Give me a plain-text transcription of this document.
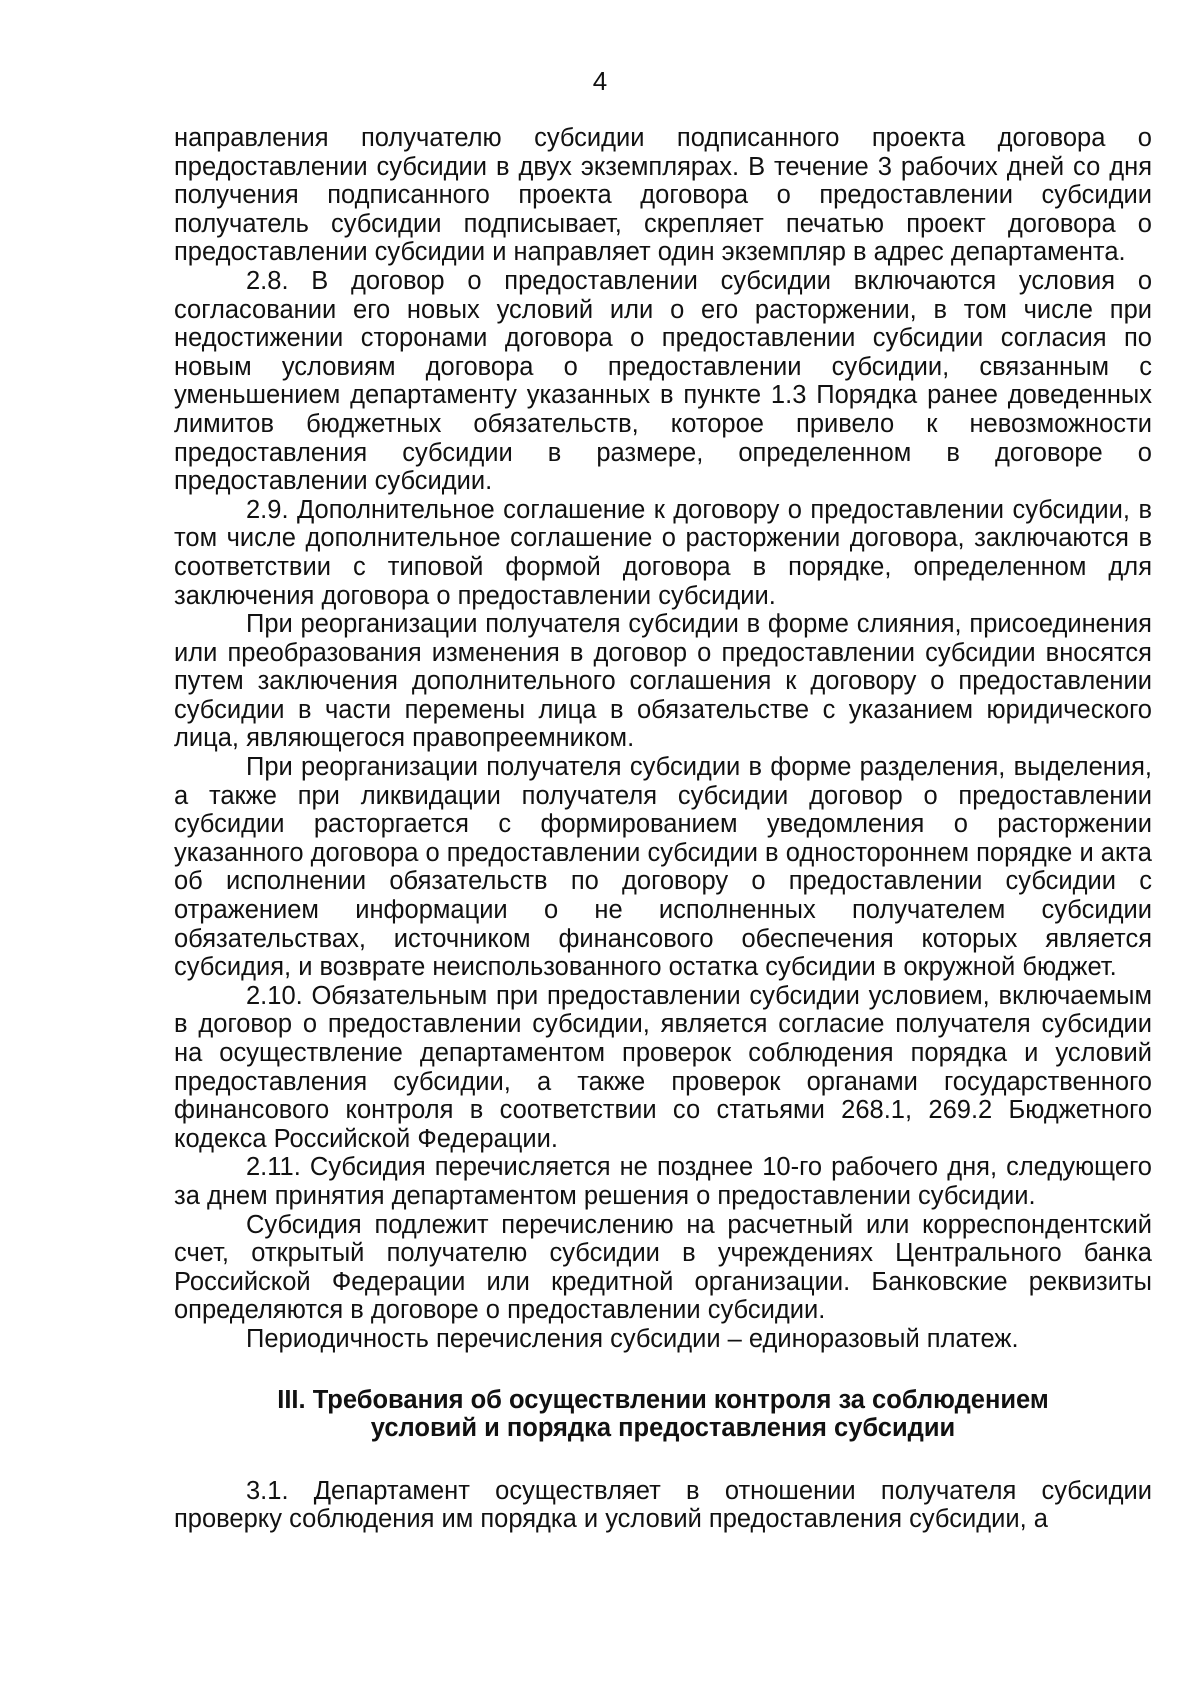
4

направления получателю субсидии подписанного проекта договора о предоставлении субсидии в двух экземплярах. В течение 3 рабочих дней со дня получения подписанного проекта договора о предоставлении субсидии получатель субсидии подписывает, скрепляет печатью проект договора о предоставлении субсидии и направляет один экземпляр в адрес департамента.

2.8. В договор о предоставлении субсидии включаются условия о согласовании его новых условий или о его расторжении, в том числе при недостижении сторонами договора о предоставлении субсидии согласия по новым условиям договора о предоставлении субсидии, связанным с уменьшением департаменту указанных в пункте 1.3 Порядка ранее доведенных лимитов бюджетных обязательств, которое привело к невозможности предоставления субсидии в размере, определенном в договоре о предоставлении субсидии.

2.9. Дополнительное соглашение к договору о предоставлении субсидии, в том числе дополнительное соглашение о расторжении договора, заключаются в соответствии с типовой формой договора в порядке, определенном для заключения договора о предоставлении субсидии.

При реорганизации получателя субсидии в форме слияния, присоединения или преобразования изменения в договор о предоставлении субсидии вносятся путем заключения дополнительного соглашения к договору о предоставлении субсидии в части перемены лица в обязательстве с указанием юридического лица, являющегося правопреемником.

При реорганизации получателя субсидии в форме разделения, выделения, а также при ликвидации получателя субсидии договор о предоставлении субсидии расторгается с формированием уведомления о расторжении указанного договора о предоставлении субсидии в одностороннем порядке и акта об исполнении обязательств по договору о предоставлении субсидии с отражением информации о не исполненных получателем субсидии обязательствах, источником финансового обеспечения которых является субсидия, и возврате неиспользованного остатка субсидии в окружной бюджет.

2.10. Обязательным при предоставлении субсидии условием, включаемым в договор о предоставлении субсидии, является согласие получателя субсидии на осуществление департаментом проверок соблюдения порядка и условий предоставления субсидии, а также проверок органами государственного финансового контроля в соответствии со статьями 268.1, 269.2 Бюджетного кодекса Российской Федерации.

2.11. Субсидия перечисляется не позднее 10-го рабочего дня, следующего за днем принятия департаментом решения о предоставлении субсидии.

Субсидия подлежит перечислению на расчетный или корреспондентский счет, открытый получателю субсидии в учреждениях Центрального банка Российской Федерации или кредитной организации. Банковские реквизиты определяются в договоре о предоставлении субсидии.

Периодичность перечисления субсидии – единоразовый платеж.

III. Требования об осуществлении контроля за соблюдением
условий и порядка предоставления субсидии

3.1. Департамент осуществляет в отношении получателя субсидии проверку соблюдения им порядка и условий предоставления субсидии, а
